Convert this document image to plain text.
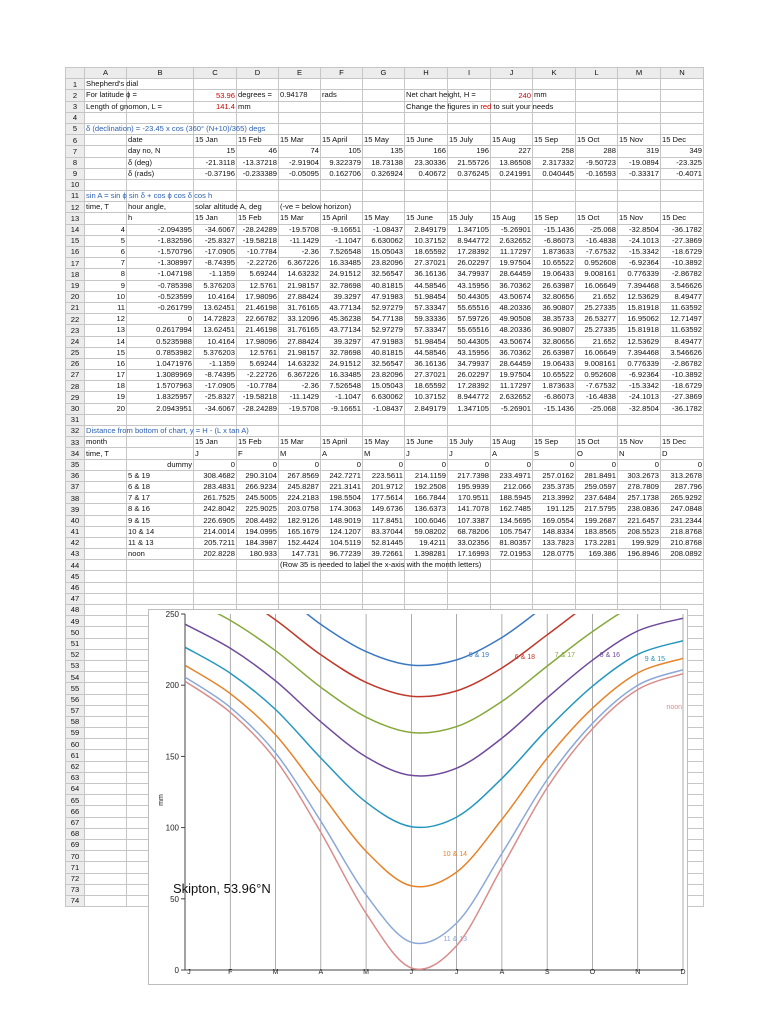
	A	B	C	D	E	F	G	H	I	J	K	L	M	N
1	Shepherd's dial													

2	For latitude ϕ =		53.96	degrees =	0.94178	rads		Net chart height, H =		240	mm			

3	Length of gnomon, L =		141.4	mm				Change the figures in red to suit your needs						

4														
5	δ (declination) = -23.45 x cos (360° (N+10)/365) degs													

6		date	15 Jan	15 Feb	15 Mar	15 April	15 May	15 June	15 July	15 Aug	15 Sep	15 Oct	15 Nov	15 Dec

7		day no, N	15	46	74	105	135	166	196	227	258	288	319	349

8		δ (deg)	-21.3118	-13.37218	-2.91904	9.322379	18.73138	23.30336	21.55726	13.86508	2.317332	-9.50723	-19.0894	-23.325

9		δ (rads)	-0.37196	-0.233389	-0.05095	0.162706	0.326924	0.40672	0.376245	0.241991	0.040445	-0.16593	-0.33317	-0.4071

10														
11	sin A = sin ϕ sin δ + cos ϕ cos δ cos h													

12	time, T	hour angle,	solar altitude A, deg		(-ve = below horizon)									

13		h	15 Jan	15 Feb	15 Mar	15 April	15 May	15 June	15 July	15 Aug	15 Sep	15 Oct	15 Nov	15 Dec

14	4	-2.094395	-34.6067	-28.24289	-19.5708	-9.16651	-1.08437	2.849179	1.347105	-5.26901	-15.1436	-25.068	-32.8504	-36.1782

15	5	-1.832596	-25.8327	-19.58218	-11.1429	-1.1047	6.630062	10.37152	8.944772	2.632652	-6.86073	-16.4838	-24.1013	-27.3869

16	6	-1.570796	-17.0905	-10.7784	-2.36	7.526548	15.05043	18.65592	17.28392	11.17297	1.873633	-7.67532	-15.3342	-18.6729

17	7	-1.308997	-8.74395	-2.22726	6.367226	16.33485	23.82096	27.37021	26.02297	19.97504	10.65522	0.952608	-6.92364	-10.3892

18	8	-1.047198	-1.1359	5.69244	14.63232	24.91512	32.56547	36.16136	34.79937	28.64459	19.06433	9.008161	0.776339	-2.86782

19	9	-0.785398	5.376203	12.5761	21.98157	32.78698	40.81815	44.58546	43.15956	36.70362	26.63987	16.06649	7.394468	3.546626

20	10	-0.523599	10.4164	17.98096	27.88424	39.3297	47.91983	51.98454	50.44305	43.50674	32.80656	21.652	12.53629	8.49477

21	11	-0.261799	13.62451	21.46198	31.76165	43.77134	52.97279	57.33347	55.65516	48.20336	36.90807	25.27335	15.81918	11.63592

22	12	0	14.72823	22.66782	33.12096	45.36238	54.77138	59.33336	57.59726	49.90508	38.35733	26.53277	16.95062	12.71497

23	13	0.2617994	13.62451	21.46198	31.76165	43.77134	52.97279	57.33347	55.65516	48.20336	36.90807	25.27335	15.81918	11.63592

24	14	0.5235988	10.4164	17.98096	27.88424	39.3297	47.91983	51.98454	50.44305	43.50674	32.80656	21.652	12.53629	8.49477

25	15	0.7853982	5.376203	12.5761	21.98157	32.78698	40.81815	44.58546	43.15956	36.70362	26.63987	16.06649	7.394468	3.546626

26	16	1.0471976	-1.1359	5.69244	14.63232	24.91512	32.56547	36.16136	34.79937	28.64459	19.06433	9.008161	0.776339	-2.86782

27	17	1.3089969	-8.74395	-2.22726	6.367226	16.33485	23.82096	27.37021	26.02297	19.97504	10.65522	0.952608	-6.92364	-10.3892

28	18	1.5707963	-17.0905	-10.7784	-2.36	7.526548	15.05043	18.65592	17.28392	11.17297	1.873633	-7.67532	-15.3342	-18.6729

29	19	1.8325957	-25.8327	-19.58218	-11.1429	-1.1047	6.630062	10.37152	8.944772	2.632652	-6.86073	-16.4838	-24.1013	-27.3869

30	20	2.0943951	-34.6067	-28.24289	-19.5708	-9.16651	-1.08437	2.849179	1.347105	-5.26901	-15.1436	-25.068	-32.8504	-36.1782

31														
32	Distance from bottom of chart, y = H - (L x tan A)													

33	month		15 Jan	15 Feb	15 Mar	15 April	15 May	15 June	15 July	15 Aug	15 Sep	15 Oct	15 Nov	15 Dec

34	time, T		J	F	M	A	M	J	J	A	S	O	N	D
35		dummy	0	0	0	0	0	0	0	0	0	0	0	0
36		5 & 19	308.4682	290.3104	267.8569	242.7271	223.5611	214.1159	217.7398	233.4971	257.0162	281.8491	303.2673	313.2678

37		6 & 18	283.4831	266.9234	245.8287	221.3141	201.9712	192.2508	195.9939	212.066	235.3735	259.0597	278.7809	287.796

38		7 & 17	261.7525	245.5005	224.2183	198.5504	177.5614	166.7844	170.9511	188.5945	213.3992	237.6484	257.1738	265.9292

39		8 & 16	242.8042	225.9025	203.0758	174.3063	149.6736	136.6373	141.7078	162.7485	191.125	217.5795	238.0836	247.0848

40		9 & 15	226.6905	208.4492	182.9126	148.9019	117.8451	100.6046	107.3387	134.5695	169.0554	199.2687	221.6457	231.2344

41		10 & 14	214.0014	194.0995	165.1679	124.1207	83.37044	59.08202	68.78206	105.7547	148.8334	183.8565	208.5523	218.8768

42		11 & 13	205.7211	184.3987	152.4424	104.5119	52.81445	19.4211	33.02356	81.80357	133.7823	173.2281	199.929	210.8768

43		noon	202.8228	180.933	147.731	96.77239	39.72661	1.398281	17.16993	72.01953	128.0775	169.386	196.8946	208.0892

44					(Row 35 is needed to label the x-axis with the month letters)									

45														
46														
47														
48														
49														
50														
51														
52														
53														
54														
55														
56														
57														
58														
59														
60														
61														
62														
63														
64														
65														
66														
67														
68														
69														
70														
71														
72														
73														
74														
0
50
100
150
200
250
J	F	M	A	M	J	J	A	S	O	N	D
mm
5 & 19	6 & 18	7 & 17	8 & 16
9 & 15
10 & 14
11 & 13
noon
Skipton, 53.96°N
